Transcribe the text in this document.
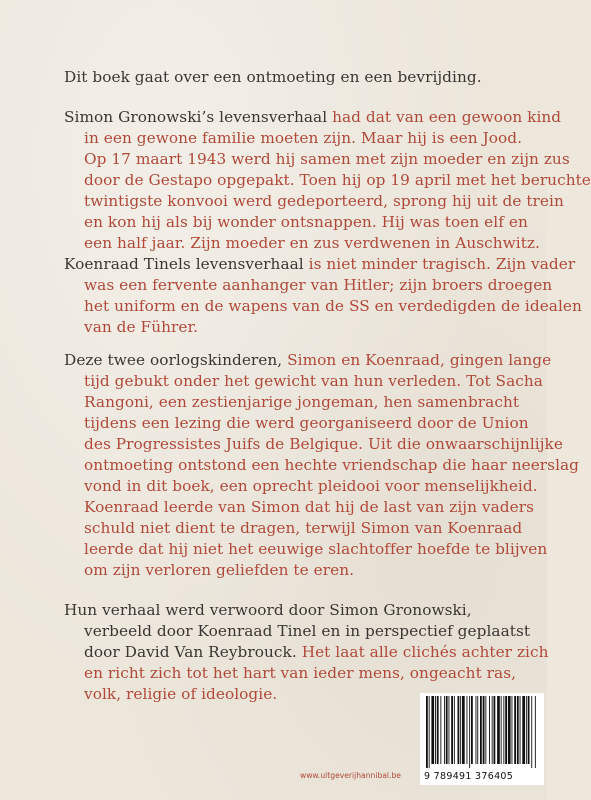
Dit boek gaat over een ontmoeting en een bevrijding.
Simon Gronowski’s levensverhaal had dat van een gewoon kind
in een gewone familie moeten zijn. Maar hij is een Jood.
Op 17 maart 1943 werd hij samen met zijn moeder en zijn zus
door de Gestapo opgepakt. Toen hij op 19 april met het beruchte
twintigste konvooi werd gedeporteerd, sprong hij uit de trein
en kon hij als bij wonder ontsnappen. Hij was toen elf en
een half jaar. Zijn moeder en zus verdwenen in Auschwitz.
Koenraad Tinels levensverhaal is niet minder tragisch. Zijn vader
was een fervente aanhanger van Hitler; zijn broers droegen
het uniform en de wapens van de SS en verdedigden de idealen
van de Führer.
Deze twee oorlogskinderen, Simon en Koenraad, gingen lange
tijd gebukt onder het gewicht van hun verleden. Tot Sacha
Rangoni, een zestienjarige jongeman, hen samenbracht
tijdens een lezing die werd georganiseerd door de Union
des Progressistes Juifs de Belgique. Uit die onwaarschijnlijke
ontmoeting ontstond een hechte vriendschap die haar neerslag
vond in dit boek, een oprecht pleidooi voor menselijkheid.
Koenraad leerde van Simon dat hij de last van zijn vaders
schuld niet dient te dragen, terwijl Simon van Koenraad
leerde dat hij niet het eeuwige slachtoffer hoefde te blijven
om zijn verloren geliefden te eren.
Hun verhaal werd verwoord door Simon Gronowski,
verbeeld door Koenraad Tinel en in perspectief geplaatst
door David Van Reybrouck. Het laat alle clichés achter zich
en richt zich tot het hart van ieder mens, ongeacht ras,
volk, religie of ideologie.
www.uitgeverijhannibal.be 9 789491 376405
